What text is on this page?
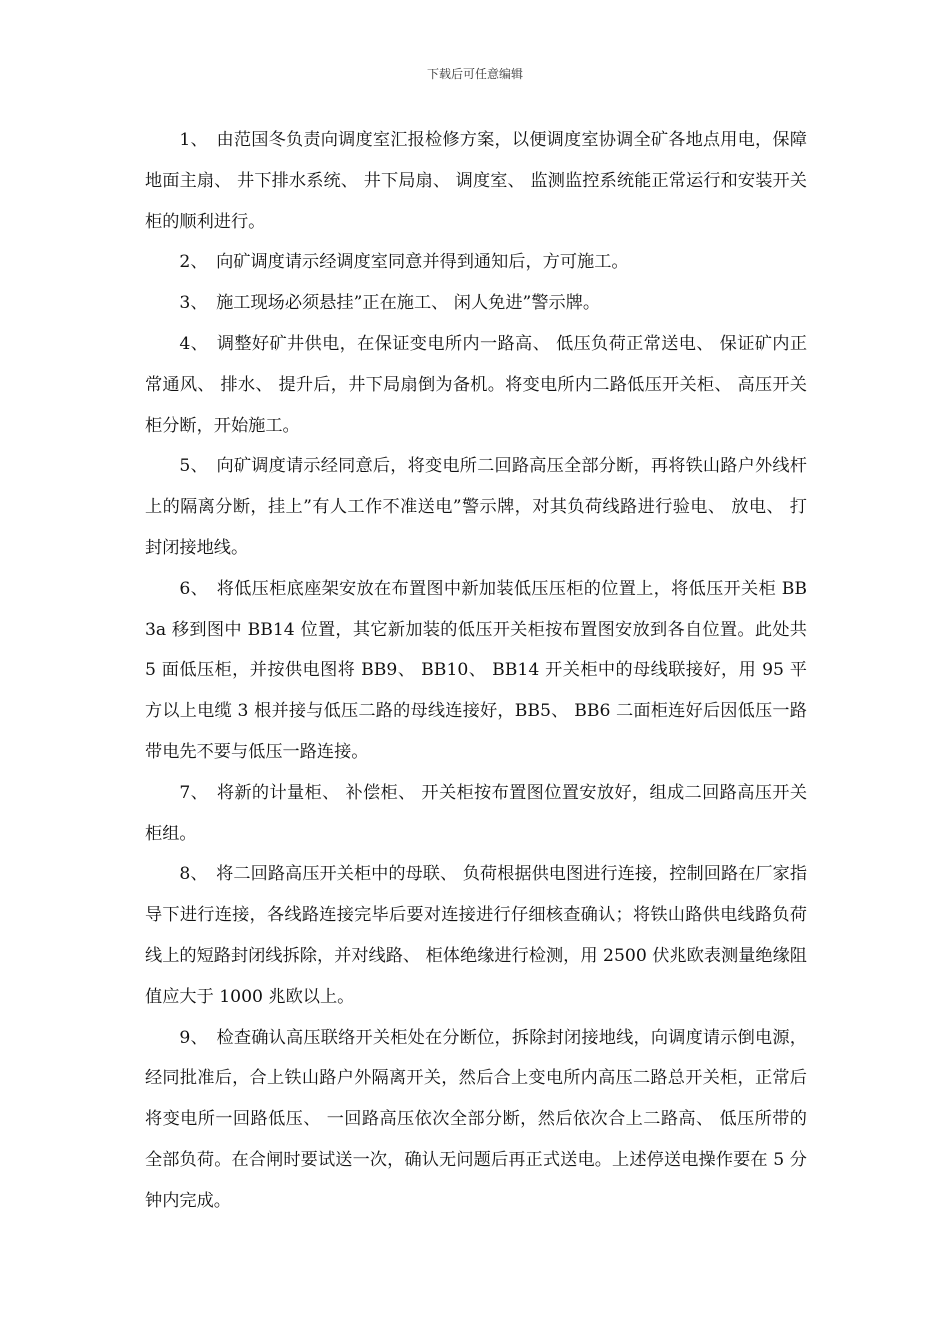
下载后可任意编辑

1、 由范国冬负责向调度室汇报检修方案，以便调度室协调全矿各地点用电，保障地面主扇、 井下排水系统、 井下局扇、 调度室、 监测监控系统能正常运行和安装开关柜的顺利进行。

2、 向矿调度请示经调度室同意并得到通知后，方可施工。

3、 施工现场必须悬挂”正在施工、 闲人免进”警示牌。

4、 调整好矿井供电，在保证变电所内一路高、 低压负荷正常送电、 保证矿内正常通风、 排水、 提升后，井下局扇倒为备机。将变电所内二路低压开关柜、 高压开关柜分断，开始施工。

5、 向矿调度请示经同意后，将变电所二回路高压全部分断，再将铁山路户外线杆上的隔离分断，挂上”有人工作不准送电”警示牌，对其负荷线路进行验电、 放电、 打封闭接地线。

6、 将低压柜底座架安放在布置图中新加装低压压柜的位置上，将低压开关柜 BB3a 移到图中 BB14 位置，其它新加装的低压开关柜按布置图安放到各自位置。此处共 5 面低压柜，并按供电图将 BB9、 BB10、 BB14 开关柜中的母线联接好，用 95 平方以上电缆 3 根并接与低压二路的母线连接好，BB5、 BB6 二面柜连好后因低压一路带电先不要与低压一路连接。

7、 将新的计量柜、 补偿柜、 开关柜按布置图位置安放好，组成二回路高压开关柜组。

8、 将二回路高压开关柜中的母联、 负荷根据供电图进行连接，控制回路在厂家指导下进行连接，各线路连接完毕后要对连接进行仔细核查确认；将铁山路供电线路负荷线上的短路封闭线拆除，并对线路、 柜体绝缘进行检测，用 2500 伏兆欧表测量绝缘阻值应大于 1000 兆欧以上。

9、 检查确认高压联络开关柜处在分断位，拆除封闭接地线，向调度请示倒电源，经同批准后，合上铁山路户外隔离开关，然后合上变电所内高压二路总开关柜，正常后将变电所一回路低压、 一回路高压依次全部分断，然后依次合上二路高、 低压所带的全部负荷。在合闸时要试送一次，确认无问题后再正式送电。上述停送电操作要在 5 分钟内完成。
